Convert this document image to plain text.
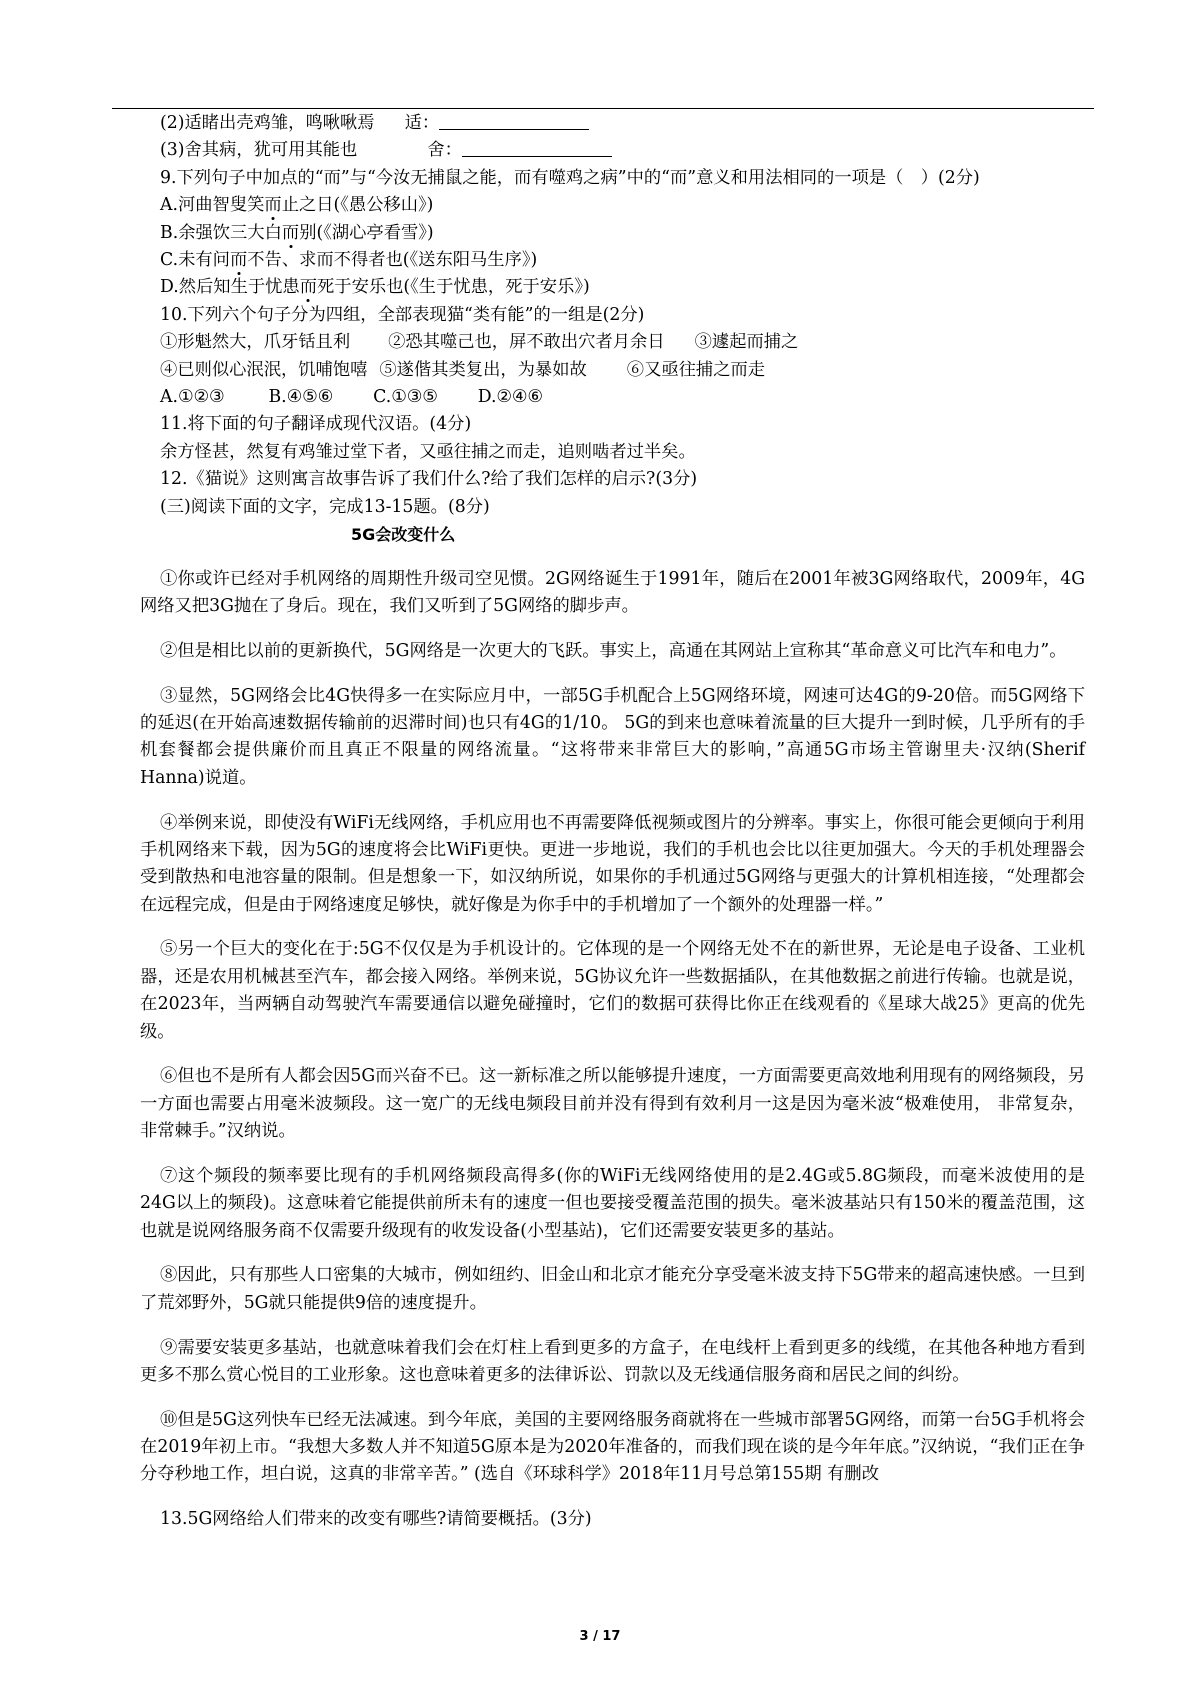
(2)适睹出壳鸡雏，鸣啾啾焉 适：

(3)舍其病，犹可用其能也	舍：

9.下列句子中加点的“而”与“今汝无捕鼠之能，而有噬鸡之病”中的“而”意义和用法相同的一项是（　）(2分)

A.河曲智叟笑而止之日(《愚公移山》)

B.余强饮三大白而别(《湖心亭看雪》)

C.未有问而不告、求而不得者也(《送东阳马生序》)

D.然后知生于忧患而死于安乐也(《生于忧患，死于安乐》)

10.下列六个句子分为四组，全部表现猫“类有能”的一组是(2分)

①形魁然大，爪牙铦且利 ②恐其噬己也，屏不敢出穴者月余日 ③遽起而捕之

④已则似心泯泯，饥哺饱嘻 ⑤遂偕其类复出，为暴如故 ⑥又亟往捕之而走

A.①②③	B.④⑤⑥ C.①③⑤ D.②④⑥

11.将下面的句子翻译成现代汉语。(4分)

余方怪甚，然复有鸡雏过堂下者，又亟往捕之而走，追则啮者过半矣。

12.《猫说》这则寓言故事告诉了我们什么?给了我们怎样的启示?(3分)

(三)阅读下面的文字，完成13-15题。(8分)

5G会改变什么

①你或许已经对手机网络的周期性升级司空见惯。2G网络诞生于1991年，随后在2001年被3G网络取代，2009年，4G网络又把3G抛在了身后。现在，我们又听到了5G网络的脚步声。

②但是相比以前的更新换代，5G网络是一次更大的飞跃。事实上，高通在其网站上宣称其“革命意义可比汽车和电力”。

③显然，5G网络会比4G快得多一在实际应月中，一部5G手机配合上5G网络环境，网速可达4G的9-20倍。而5G网络下的延迟(在开始高速数据传输前的迟滞时间)也只有4G的1/10。 5G的到来也意味着流量的巨大提升一到时候，几乎所有的手机套餐都会提供廉价而且真正不限量的网络流量。“这将带来非常巨大的影响，”高通5G市场主管谢里夫·汉纳(Sherif Hanna)说道。

④举例来说，即使没有WiFi无线网络，手机应用也不再需要降低视频或图片的分辨率。事实上，你很可能会更倾向于利用手机网络来下载，因为5G的速度将会比WiFi更快。更进一步地说，我们的手机也会比以往更加强大。今天的手机处理器会受到散热和电池容量的限制。但是想象一下，如汉纳所说，如果你的手机通过5G网络与更强大的计算机相连接，“处理都会在远程完成，但是由于网络速度足够快，就好像是为你手中的手机增加了一个额外的处理器一样。”

⑤另一个巨大的变化在于:5G不仅仅是为手机设计的。它体现的是一个网络无处不在的新世界，无论是电子设备、工业机器，还是农用机械甚至汽车，都会接入网络。举例来说，5G协议允许一些数据插队，在其他数据之前进行传输。也就是说，在2023年，当两辆自动驾驶汽车需要通信以避免碰撞时，它们的数据可获得比你正在线观看的《星球大战25》更高的优先级。

⑥但也不是所有人都会因5G而兴奋不已。这一新标准之所以能够提升速度，一方面需要更高效地利用现有的网络频段，另一方面也需要占用毫米波频段。这一宽广的无线电频段目前并没有得到有效利月一这是因为毫米波“极难使用， 非常复杂，非常棘手。”汉纳说。

⑦这个频段的频率要比现有的手机网络频段高得多(你的WiFi无线网络使用的是2.4G或5.8G频段，而毫米波使用的是24G以上的频段)。这意味着它能提供前所未有的速度一但也要接受覆盖范围的损失。毫米波基站只有150米的覆盖范围，这也就是说网络服务商不仅需要升级现有的收发设备(小型基站)，它们还需要安装更多的基站。

⑧因此，只有那些人口密集的大城市，例如纽约、旧金山和北京才能充分享受毫米波支持下5G带来的超高速快感。一旦到了荒郊野外，5G就只能提供9倍的速度提升。

⑨需要安装更多基站，也就意味着我们会在灯柱上看到更多的方盒子，在电线杆上看到更多的线缆，在其他各种地方看到更多不那么赏心悦目的工业形象。这也意味着更多的法律诉讼、罚款以及无线通信服务商和居民之间的纠纷。

⑩但是5G这列快车已经无法减速。到今年底，美国的主要网络服务商就将在一些城市部署5G网络，而第一台5G手机将会在2019年初上市。“我想大多数人并不知道5G原本是为2020年准备的，而我们现在谈的是今年年底。”汉纳说，“我们正在争分夺秒地工作，坦白说，这真的非常辛苦。” (选自《环球科学》2018年11月号总第155期 有删改

13.5G网络给人们带来的改变有哪些?请简要概括。(3分)

3 / 17
